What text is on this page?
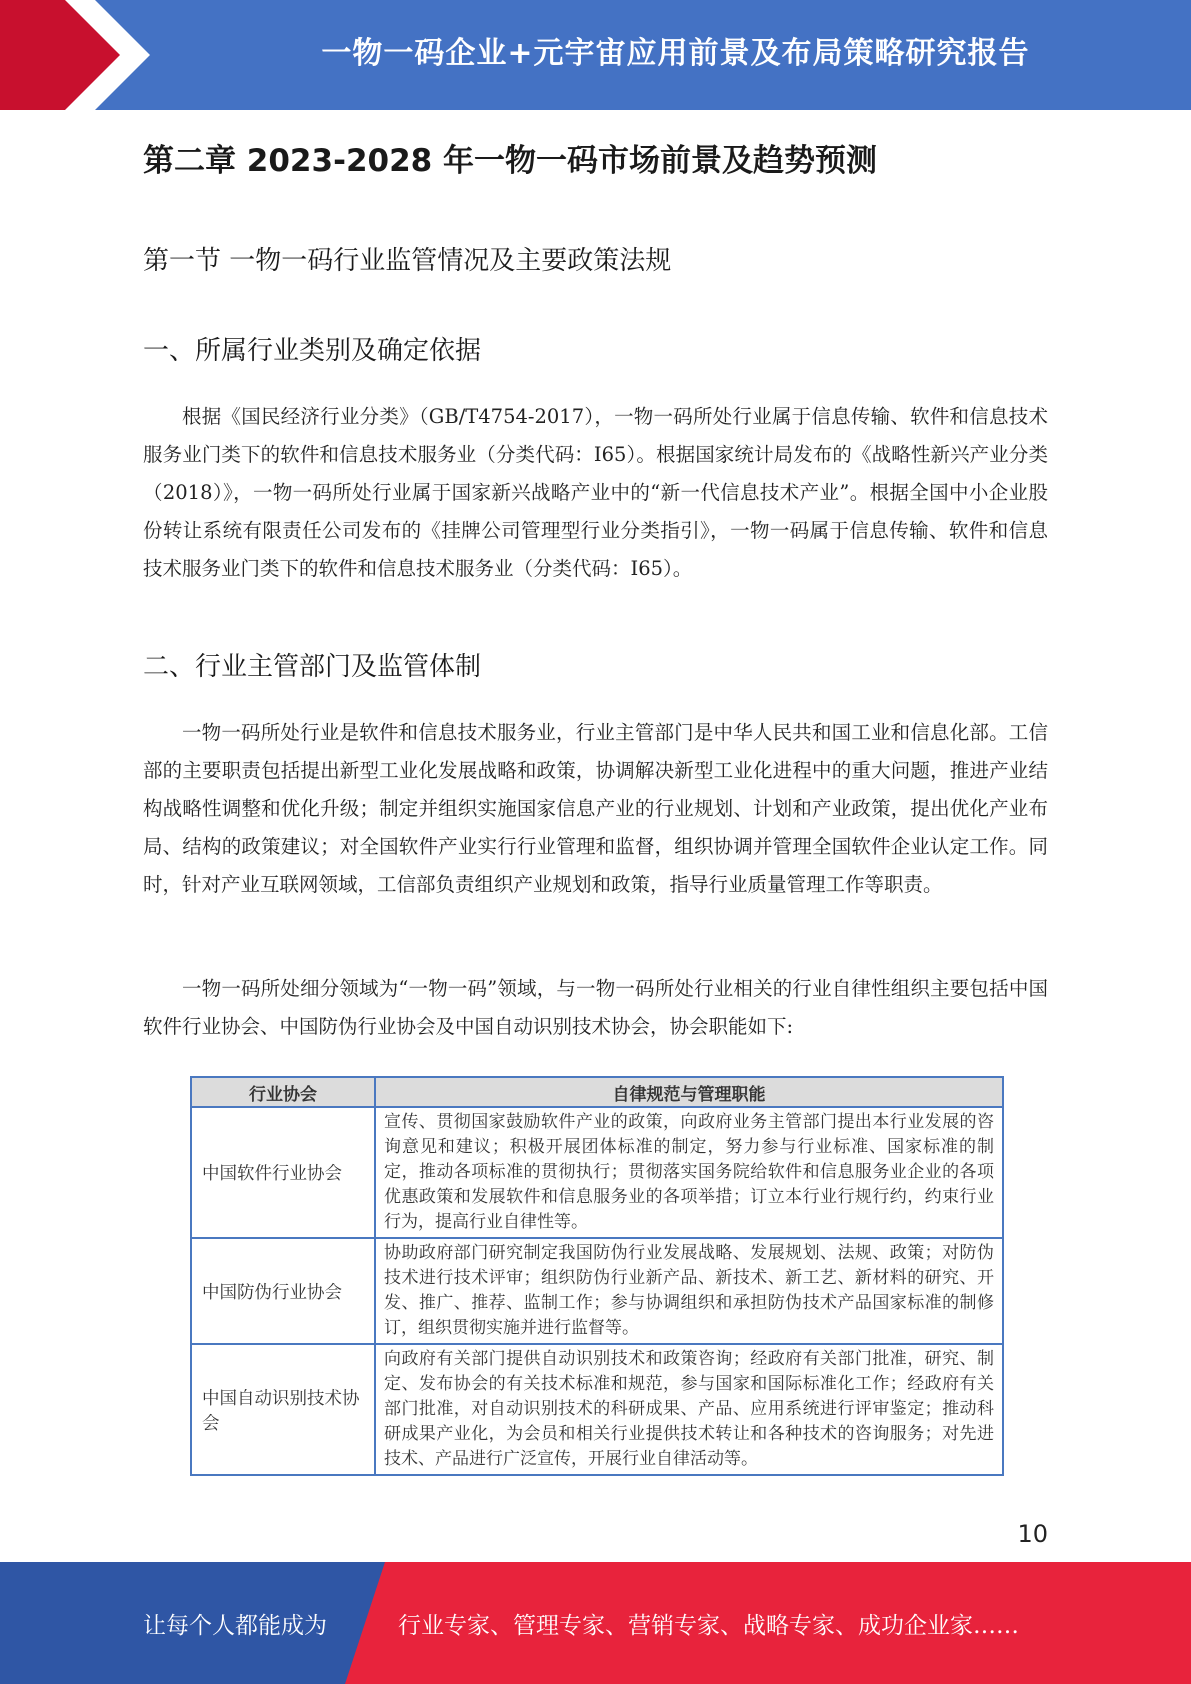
一物一码企业+元宇宙应用前景及布局策略研究报告
第二章 2023-2028 年一物一码市场前景及趋势预测
第一节 一物一码行业监管情况及主要政策法规
一、所属行业类别及确定依据

根据《国民经济行业分类》（GB/T4754-2017），一物一码所处行业属于信息传输、软件和信息技术服务业门类下的软件和信息技术服务业（分类代码：I65）。根据国家统计局发布的《战略性新兴产业分类（2018）》，一物一码所处行业属于国家新兴战略产业中的“新一代信息技术产业”。根据全国中小企业股份转让系统有限责任公司发布的《挂牌公司管理型行业分类指引》，一物一码属于信息传输、软件和信息技术服务业门类下的软件和信息技术服务业（分类代码：I65）。

二、行业主管部门及监管体制

一物一码所处行业是软件和信息技术服务业，行业主管部门是中华人民共和国工业和信息化部。工信部的主要职责包括提出新型工业化发展战略和政策，协调解决新型工业化进程中的重大问题，推进产业结构战略性调整和优化升级；制定并组织实施国家信息产业的行业规划、计划和产业政策，提出优化产业布局、结构的政策建议；对全国软件产业实行行业管理和监督，组织协调并管理全国软件企业认定工作。同时，针对产业互联网领域，工信部负责组织产业规划和政策，指导行业质量管理工作等职责。

一物一码所处细分领域为“一物一码”领域，与一物一码所处行业相关的行业自律性组织主要包括中国软件行业协会、中国防伪行业协会及中国自动识别技术协会，协会职能如下:

行业协会	自律规范与管理职能
中国软件行业协会	宣传、贯彻国家鼓励软件产业的政策，向政府业务主管部门提出本行业发展的咨询意见和建议；积极开展团体标准的制定，努力参与行业标准、国家标准的制定，推动各项标准的贯彻执行；贯彻落实国务院给软件和信息服务业企业的各项优惠政策和发展软件和信息服务业的各项举措；订立本行业行规行约，约束行业行为，提高行业自律性等。
中国防伪行业协会	协助政府部门研究制定我国防伪行业发展战略、发展规划、法规、政策；对防伪技术进行技术评审；组织防伪行业新产品、新技术、新工艺、新材料的研究、开发、推广、推荐、监制工作；参与协调组织和承担防伪技术产品国家标准的制修订，组织贯彻实施并进行监督等。
中国自动识别技术协会	向政府有关部门提供自动识别技术和政策咨询；经政府有关部门批准，研究、制定、发布协会的有关技术标准和规范，参与国家和国际标准化工作；经政府有关部门批准，对自动识别技术的科研成果、产品、应用系统进行评审鉴定；推动科研成果产业化，为会员和相关行业提供技术转让和各种技术的咨询服务；对先进技术、产品进行广泛宣传，开展行业自律活动等。
10
让每个人都能成为	行业专家、管理专家、营销专家、战略专家、成功企业家……
